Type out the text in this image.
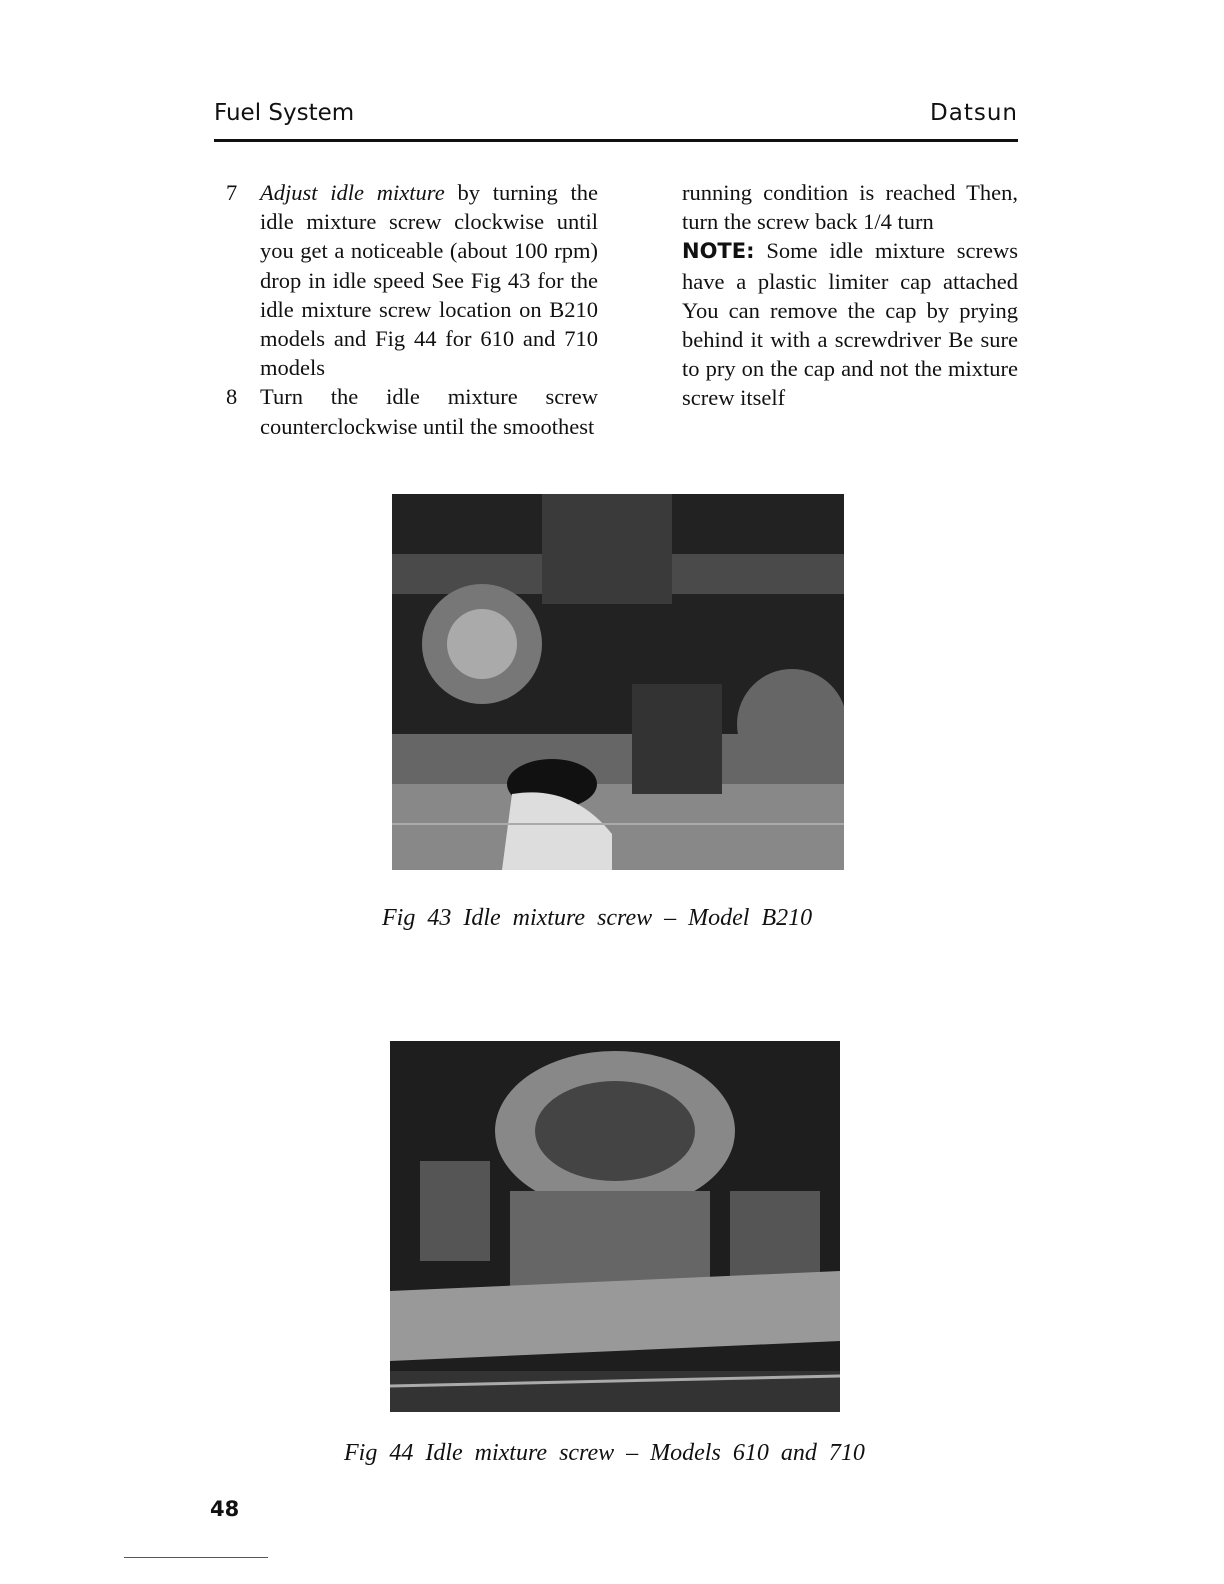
Fuel System	Datsun
7 Adjust idle mixture by turning the idle mixture screw clockwise until you get a noticeable (about 100 rpm) drop in idle speed See Fig 43 for the idle mixture screw location on B210 models and Fig 44 for 610 and 710 models
8 Turn the idle mixture screw counterclockwise until the smoothest

running condition is reached Then, turn the screw back 1/4 turn

NOTE: Some idle mixture screws have a plastic limiter cap attached You can remove the cap by prying behind it with a screwdriver Be sure to pry on the cap and not the mixture screw itself

Fig 43 Idle mixture screw – Model B210
Fig 44 Idle mixture screw – Models 610 and 710
48
